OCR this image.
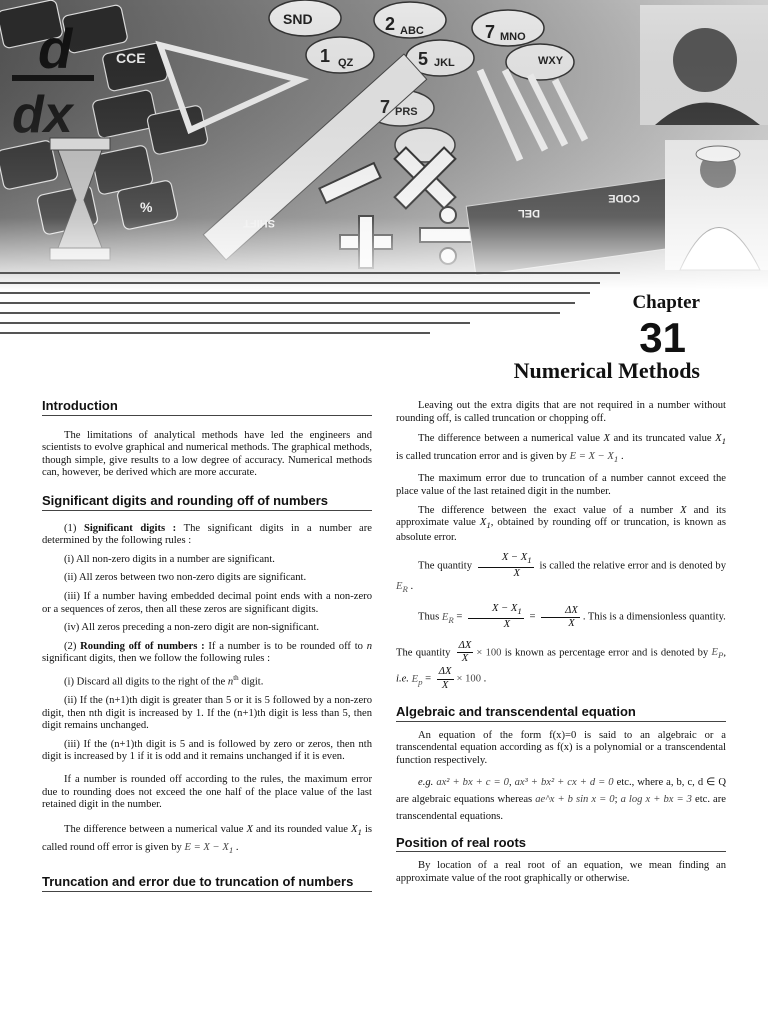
Chapter
31
Numerical Methods
Introduction

The limitations of analytical methods have led the engineers and scientists to evolve graphical and numerical methods. The graphical methods, though simple, give results to a low degree of accuracy. Numerical methods can, however, be derived which are more accurate.

Significant digits and rounding off of numbers

(1) Significant digits : The significant digits in a number are determined by the following rules :

(i) All non-zero digits in a number are significant.

(ii) All zeros between two non-zero digits are significant.

(iii) If a number having embedded decimal point ends with a non-zero or a sequences of zeros, then all these zeros are significant digits.

(iv) All zeros preceding a non-zero digit are non-significant.

(2) Rounding off of numbers : If a number is to be rounded off to n significant digits, then we follow the following rules :

(i) Discard all digits to the right of the $n^{th}$ digit.

(ii) If the (n+1)th digit is greater than 5 or it is 5 followed by a non-zero digit, then nth digit is increased by 1. If the (n+1)th digit is less than 5, then digit remains unchanged.

(iii) If the (n+1)th digit is 5 and is followed by zero or zeros, then nth digit is increased by 1 if it is odd and it remains unchanged if it is even.

If a number is rounded off according to the rules, the maximum error due to rounding does not exceed the one half of the place value of the last retained digit in the number.

The difference between a numerical value X and its rounded value $X_1$ is called round off error is given by $E = X - X_1$ .

Truncation and error due to truncation of numbers

Leaving out the extra digits that are not required in a number without rounding off, is called truncation or chopping off.

The difference between a numerical value X and its truncated value $X_1$ is called truncation error and is given by $E = X - X_1$ .

The maximum error due to truncation of a number cannot exceed the place value of the last retained digit in the number.

The difference between the exact value of a number X and its approximate value $X_1$, obtained by rounding off or truncation, is known as absolute error.

The quantity $\frac{X - X_1}{X}$ is called the relative error and is denoted by $E_R$ .

Thus $E_R = \frac{X - X_1}{X} = \frac{\Delta X}{X}$ . This is a dimensionless quantity.

The quantity $\frac{\Delta X}{X} \times 100$ is known as percentage error and is denoted by $E_P$, i.e. $E_p = \frac{\Delta X}{X} \times 100$ .

Algebraic and transcendental equation

An equation of the form f(x)=0 is said to an algebraic or a transcendental equation according as f(x) is a polynomial or a transcendental function respectively.

e.g. ax² + bx + c = 0, ax³ + bx² + cx + d = 0 etc., where a, b, c, d ∈ Q are algebraic equations whereas ae^x + b sin x = 0; a log x + bx = 3 etc. are transcendental equations.

Position of real roots

By location of a real root of an equation, we mean finding an approximate value of the root graphically or otherwise.
